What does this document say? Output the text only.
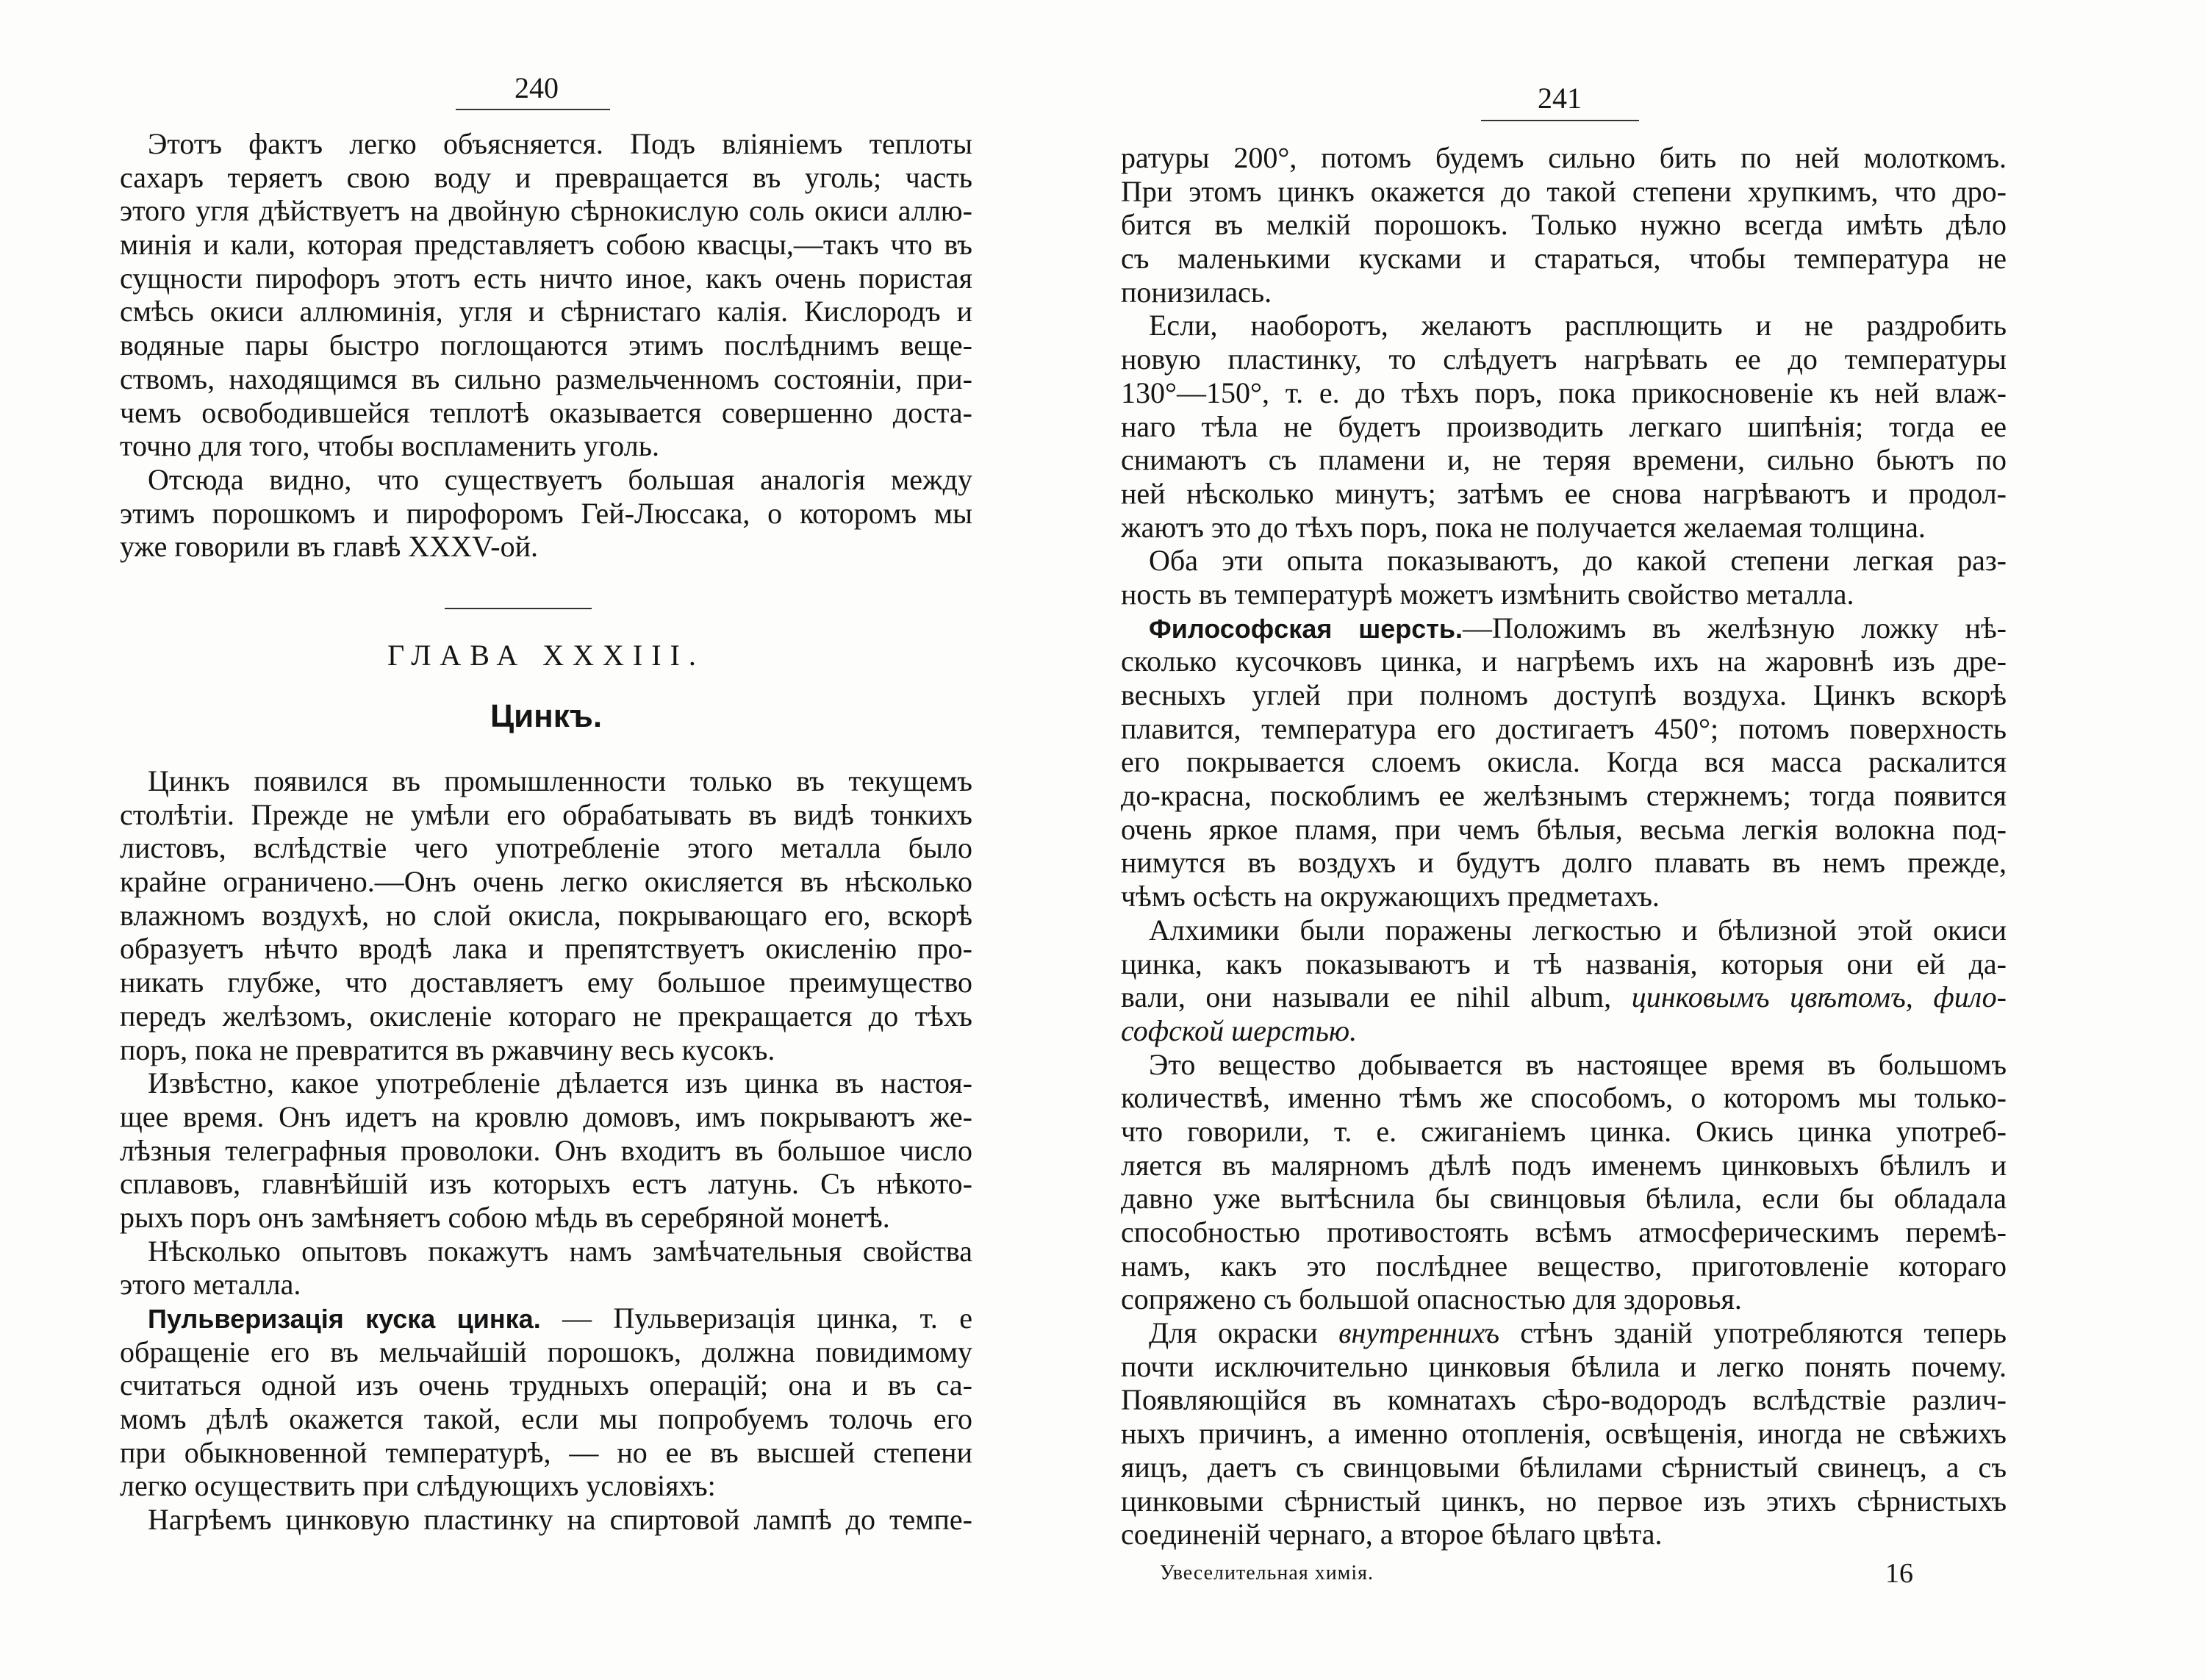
240
Этотъ фактъ легко объясняется. Подъ вліяніемъ теплоты
сахаръ теряетъ свою воду и превращается въ уголь; часть
этого угля дѣйствуетъ на двойную сѣрнокислую соль окиси аллю-
минія и кали, которая представляетъ собою квасцы,—такъ что въ
сущности пирофоръ этотъ есть ничто иное, какъ очень пористая
смѣсь окиси аллюминія, угля и сѣрнистаго калія. Кислородъ и
водяные пары быстро поглощаются этимъ послѣднимъ веще-
ствомъ, находящимся въ сильно размельченномъ состояніи, при-
чемъ освободившейся теплотѣ оказывается совершенно доста-
точно для того, чтобы воспламенить уголь.
Отсюда видно, что существуетъ большая аналогія между
этимъ порошкомъ и пирофоромъ Гей-Люссака, о которомъ мы
уже говорили въ главѣ XXXV-ой.
ГЛАВА XXXIII.
Цинкъ.
Цинкъ появился въ промышленности только въ текущемъ
столѣтіи. Прежде не умѣли его обрабатывать въ видѣ тонкихъ
листовъ, вслѣдствіе чего употребленіе этого металла было
крайне ограничено.—Онъ очень легко окисляется въ нѣсколько
влажномъ воздухѣ, но слой окисла, покрывающаго его, вскорѣ
образуетъ нѣчто вродѣ лака и препятствуетъ окисленію про-
никать глубже, что доставляетъ ему большое преимущество
передъ желѣзомъ, окисленіе котораго не прекращается до тѣхъ
поръ, пока не превратится въ ржавчину весь кусокъ.
Извѣстно, какое употребленіе дѣлается изъ цинка въ настоя-
щее время. Онъ идетъ на кровлю домовъ, имъ покрываютъ же-
лѣзныя телеграфныя проволоки. Онъ входитъ въ большое число
сплавовъ, главнѣйшій изъ которыхъ естъ латунь. Съ нѣкото-
рыхъ поръ онъ замѣняетъ собою мѣдь въ серебряной монетѣ.
Нѣсколько опытовъ покажутъ намъ замѣчательныя свойства
этого металла.
Пульверизація куска цинка. — Пульверизація цинка, т. е
обращеніе его въ мельчайшій порошокъ, должна повидимому
считаться одной изъ очень трудныхъ операцій; она и въ са-
момъ дѣлѣ окажется такой, если мы попробуемъ толочь его
при обыкновенной температурѣ, — но ее въ высшей степени
легко осуществить при слѣдующихъ условіяхъ:
Нагрѣемъ цинковую пластинку на спиртовой лампѣ до темпе-
241
ратуры 200°, потомъ будемъ сильно бить по ней молоткомъ.
При этомъ цинкъ окажется до такой степени хрупкимъ, что дро-
бится въ мелкій порошокъ. Только нужно всегда имѣть дѣло
съ маленькими кусками и стараться, чтобы температура не
понизилась.
Если, наоборотъ, желаютъ расплющить и не раздробить
новую пластинку, то слѣдуетъ нагрѣвать ее до температуры
130°—150°, т. е. до тѣхъ поръ, пока прикосновеніе къ ней влаж-
наго тѣла не будетъ производить легкаго шипѣнія; тогда ее
снимаютъ съ пламени и, не теряя времени, сильно бьютъ по
ней нѣсколько минутъ; затѣмъ ее снова нагрѣваютъ и продол-
жаютъ это до тѣхъ поръ, пока не получается желаемая толщина.
Оба эти опыта показываютъ, до какой степени легкая раз-
ность въ температурѣ можетъ измѣнить свойство металла.
Философская шерсть.—Положимъ въ желѣзную ложку нѣ-
сколько кусочковъ цинка, и нагрѣемъ ихъ на жаровнѣ изъ дре-
весныхъ углей при полномъ доступѣ воздуха. Цинкъ вскорѣ
плавится, температура его достигаетъ 450°; потомъ поверхность
его покрывается слоемъ окисла. Когда вся масса раскалится
до-красна, поскоблимъ ее желѣзнымъ стержнемъ; тогда появится
очень яркое пламя, при чемъ бѣлыя, весьма легкія волокна под-
нимутся въ воздухъ и будутъ долго плавать въ немъ прежде,
чѣмъ осѣсть на окружающихъ предметахъ.
Алхимики были поражены легкостью и бѣлизной этой окиси
цинка, какъ показываютъ и тѣ названія, которыя они ей да-
вали, они называли ее nihil album, цинковымъ цвѣтомъ, фило-
софской шерстью.
Это вещество добывается въ настоящее время въ большомъ
количествѣ, именно тѣмъ же способомъ, о которомъ мы только-
что говорили, т. е. сжиганіемъ цинка. Окись цинка употреб-
ляется въ малярномъ дѣлѣ подъ именемъ цинковыхъ бѣлилъ и
давно уже вытѣснила бы свинцовыя бѣлила, если бы обладала
способностью противостоять всѣмъ атмосферическимъ перемѣ-
намъ, какъ это послѣднее вещество, приготовленіе котораго
сопряжено съ большой опасностью для здоровья.
Для окраски внутреннихъ стѣнъ зданій употребляются теперь
почти исключительно цинковыя бѣлила и легко понять почему.
Появляющійся въ комнатахъ сѣро-водородъ вслѣдствіе различ-
ныхъ причинъ, а именно отопленія, освѣщенія, иногда не свѣжихъ
яицъ, даетъ съ свинцовыми бѣлилами сѣрнистый свинецъ, а съ
цинковыми сѣрнистый цинкъ, но первое изъ этихъ сѣрнистыхъ
соединеній чернаго, а второе бѣлаго цвѣта.
Увеселительная химія.	16
